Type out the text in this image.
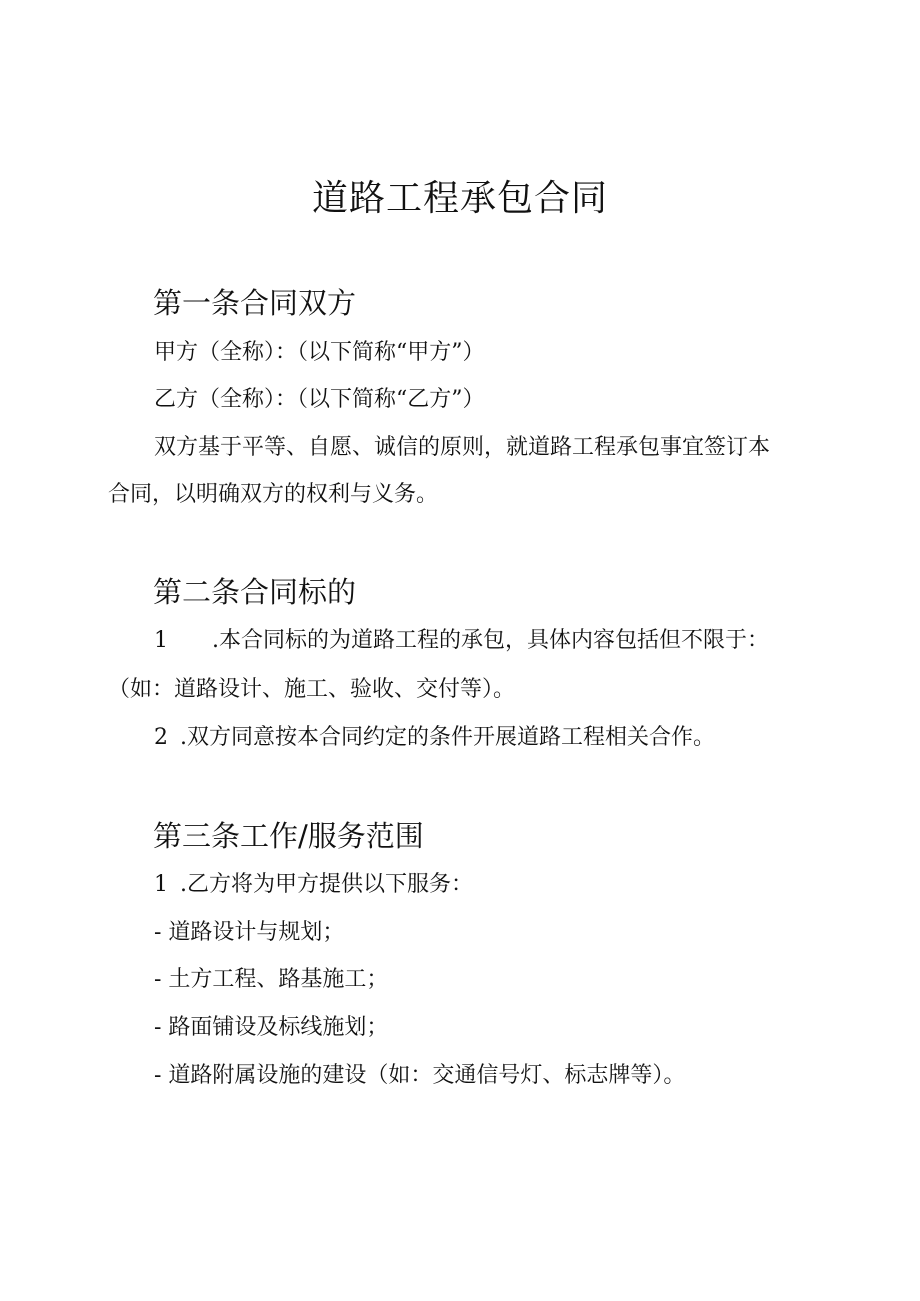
道路工程承包合同
第一条合同双方
甲方（全称）：（以下简称“甲方”）
乙方（全称）：（以下简称“乙方”）
双方基于平等、自愿、诚信的原则，就道路工程承包事宜签订本
合同，以明确双方的权利与义务。
第二条合同标的
1 .本合同标的为道路工程的承包，具体内容包括但不限于：
（如：道路设计、施工、验收、交付等）。
2 .双方同意按本合同约定的条件开展道路工程相关合作。
第三条工作/服务范围
1 .乙方将为甲方提供以下服务：
- 道路设计与规划；
- 土方工程、路基施工；
- 路面铺设及标线施划；
- 道路附属设施的建设（如：交通信号灯、标志牌等）。
